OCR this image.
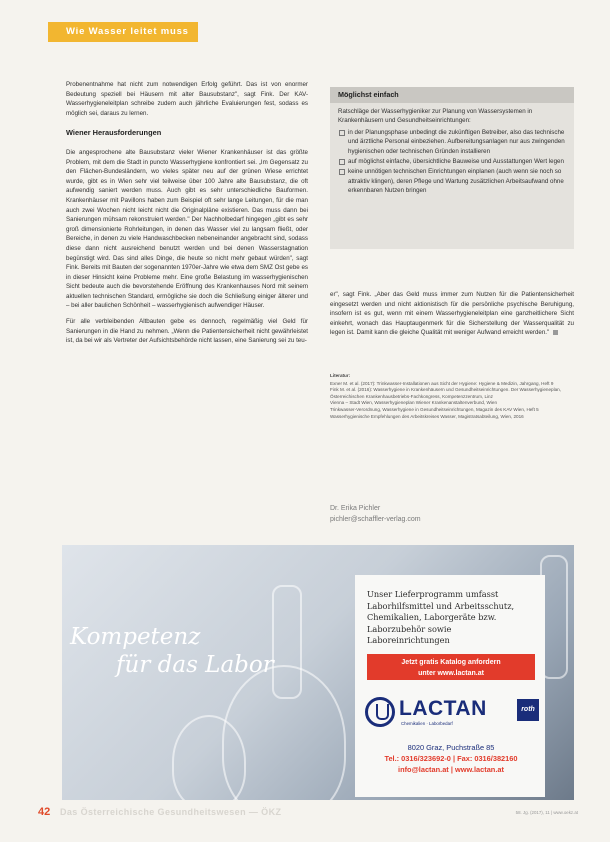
Wie Wasser leitet muss

Probenentnahme hat nicht zum notwendigen Erfolg geführt. Das ist von enormer Bedeutung speziell bei Häusern mit alter Bausubstanz", sagt Fink. Der KAV-Wasserhygieneleitplan schreibe zudem auch jährliche Evaluierungen fest, sodass es möglich sei, daraus zu lernen.

Wiener Herausforderungen

Die angesprochene alte Bausubstanz vieler Wiener Krankenhäuser ist das größte Problem, mit dem die Stadt in puncto Wasserhygiene konfrontiert sei. „Im Gegensatz zu den Flächen-Bundesländern, wo vieles später neu auf der grünen Wiese errichtet wurde, gibt es in Wien sehr viel teilweise über 100 Jahre alte Bausubstanz, die oft aufwendig saniert werden muss. Auch gibt es sehr unterschiedliche Bauformen. Krankenhäuser mit Pavillons haben zum Beispiel oft sehr lange Leitungen, für die man auch zwei Wochen nicht leicht nicht die Originalpläne existieren. Das muss dann bei Sanierungen mühsam rekonstruiert werden." Der Nachholbedarf hingegen „gibt es sehr groß dimensionierte Rohrleitungen, in denen das Wasser viel zu langsam fließt, oder Bereiche, in denen zu viele Handwaschbecken nebeneinander angebracht sind, sodass diese dann nicht ausreichend benutzt werden und bei denen Wasserstagnation begünstigt wird. Das sind alles Dinge, die heute so nicht mehr gebaut würden", sagt Fink. Bereits mit Bauten der sogenannten 1970er-Jahre wie etwa dem SMZ Ost gebe es in dieser Hinsicht keine Probleme mehr. Eine große Belastung im wasserhygienischen Sicht bedeute auch die bevorstehende Eröffnung des Krankenhauses Nord mit seinem aktuellen technischen Standard, ermögliche sie doch die Schließung einiger älterer und – bei aller baulichen Schönheit – wasserhygienisch aufwendiger Häuser.

Für alle verbleibenden Altbauten gebe es dennoch, regelmäßig viel Geld für Sanierungen in die Hand zu nehmen. „Wenn die Patientensicherheit nicht gewährleistet ist, da bei wir als Vertreter der Aufsichtsbehörde nicht lassen, eine Sanierung sei zu teu-

Möglichst einfach
Ratschläge der Wasserhygieniker zur Planung von Wassersystemen in Krankenhäusern und Gesundheitseinrichtungen:
in der Planungsphase unbedingt die zukünftigen Betreiber, also das technische und ärztliche Personal einbeziehen. Aufbereitungsanlagen nur aus zwingenden hygienischen oder technischen Gründen installieren
auf möglichst einfache, übersichtliche Bauweise und Ausstattungen Wert legen
keine unnötigen technischen Einrichtungen einplanen (auch wenn sie noch so attraktiv klingen), deren Pflege und Wartung zusätzlichen Arbeitsaufwand ohne erkennbaren Nutzen bringen

er", sagt Fink. „Aber das Geld muss immer zum Nutzen für die Patientensicherheit eingesetzt werden und nicht aktionistisch für die persönliche psychische Beruhigung, insofern ist es gut, wenn mit einem Wasserhygieneleitplan eine ganzheitlichere Sicht einkehrt, wonach das Hauptaugenmerk für die Sicherstellung der Wasserqualität zu legen ist. Damit kann die gleiche Qualität mit weniger Aufwand erreicht werden."

Literatur:
Exner M. et al. (2017): Trinkwasser-Installationen aus Sicht der Hygiene: Hygiene & Medizin, Jahrgang, Heft 9
Fink M. et al. (2016): Wasserhygiene in Krankenhäusern und Gesundheitseinrichtungen. Der Wasserhygieneplan, Österreichischen Krankenhausbetriebs-Fachkongress, Kompetenzzentrum, Linz
Vienna – Stadt Wien, Wasserhygieneplan Wiener Krankenanstaltenverbund, Wien
Trinkwasser-Verordnung, Wasserhygiene in Gesundheitseinrichtungen, Magazin des KAV Wien, Heft 5
Wasserhygienische Empfehlungen des Arbeitskreises Wasser, Magistratsabteilung, Wien, 2016
Dr. Erika Pichler
pichler@schaffler-verlag.com
Kompetenz
für das Labor
Unser Lieferprogramm umfasst Laborhilfsmittel und Arbeitsschutz, Chemikalien, Laborgeräte bzw. Laborzubehör sowie Laboreinrichtungen
Jetzt gratis Katalog anfordern
unter www.lactan.at
LACTAN
Chemikalien · Laborbedarf
roth
8020 Graz, Puchstraße 85
Tel.: 0316/323692-0 | Fax: 0316/382160
info@lactan.at | www.lactan.at
42 Das Österreichische Gesundheitswesen — ÖKZ	58. Jg. (2017), 11 | www.oekz.at
